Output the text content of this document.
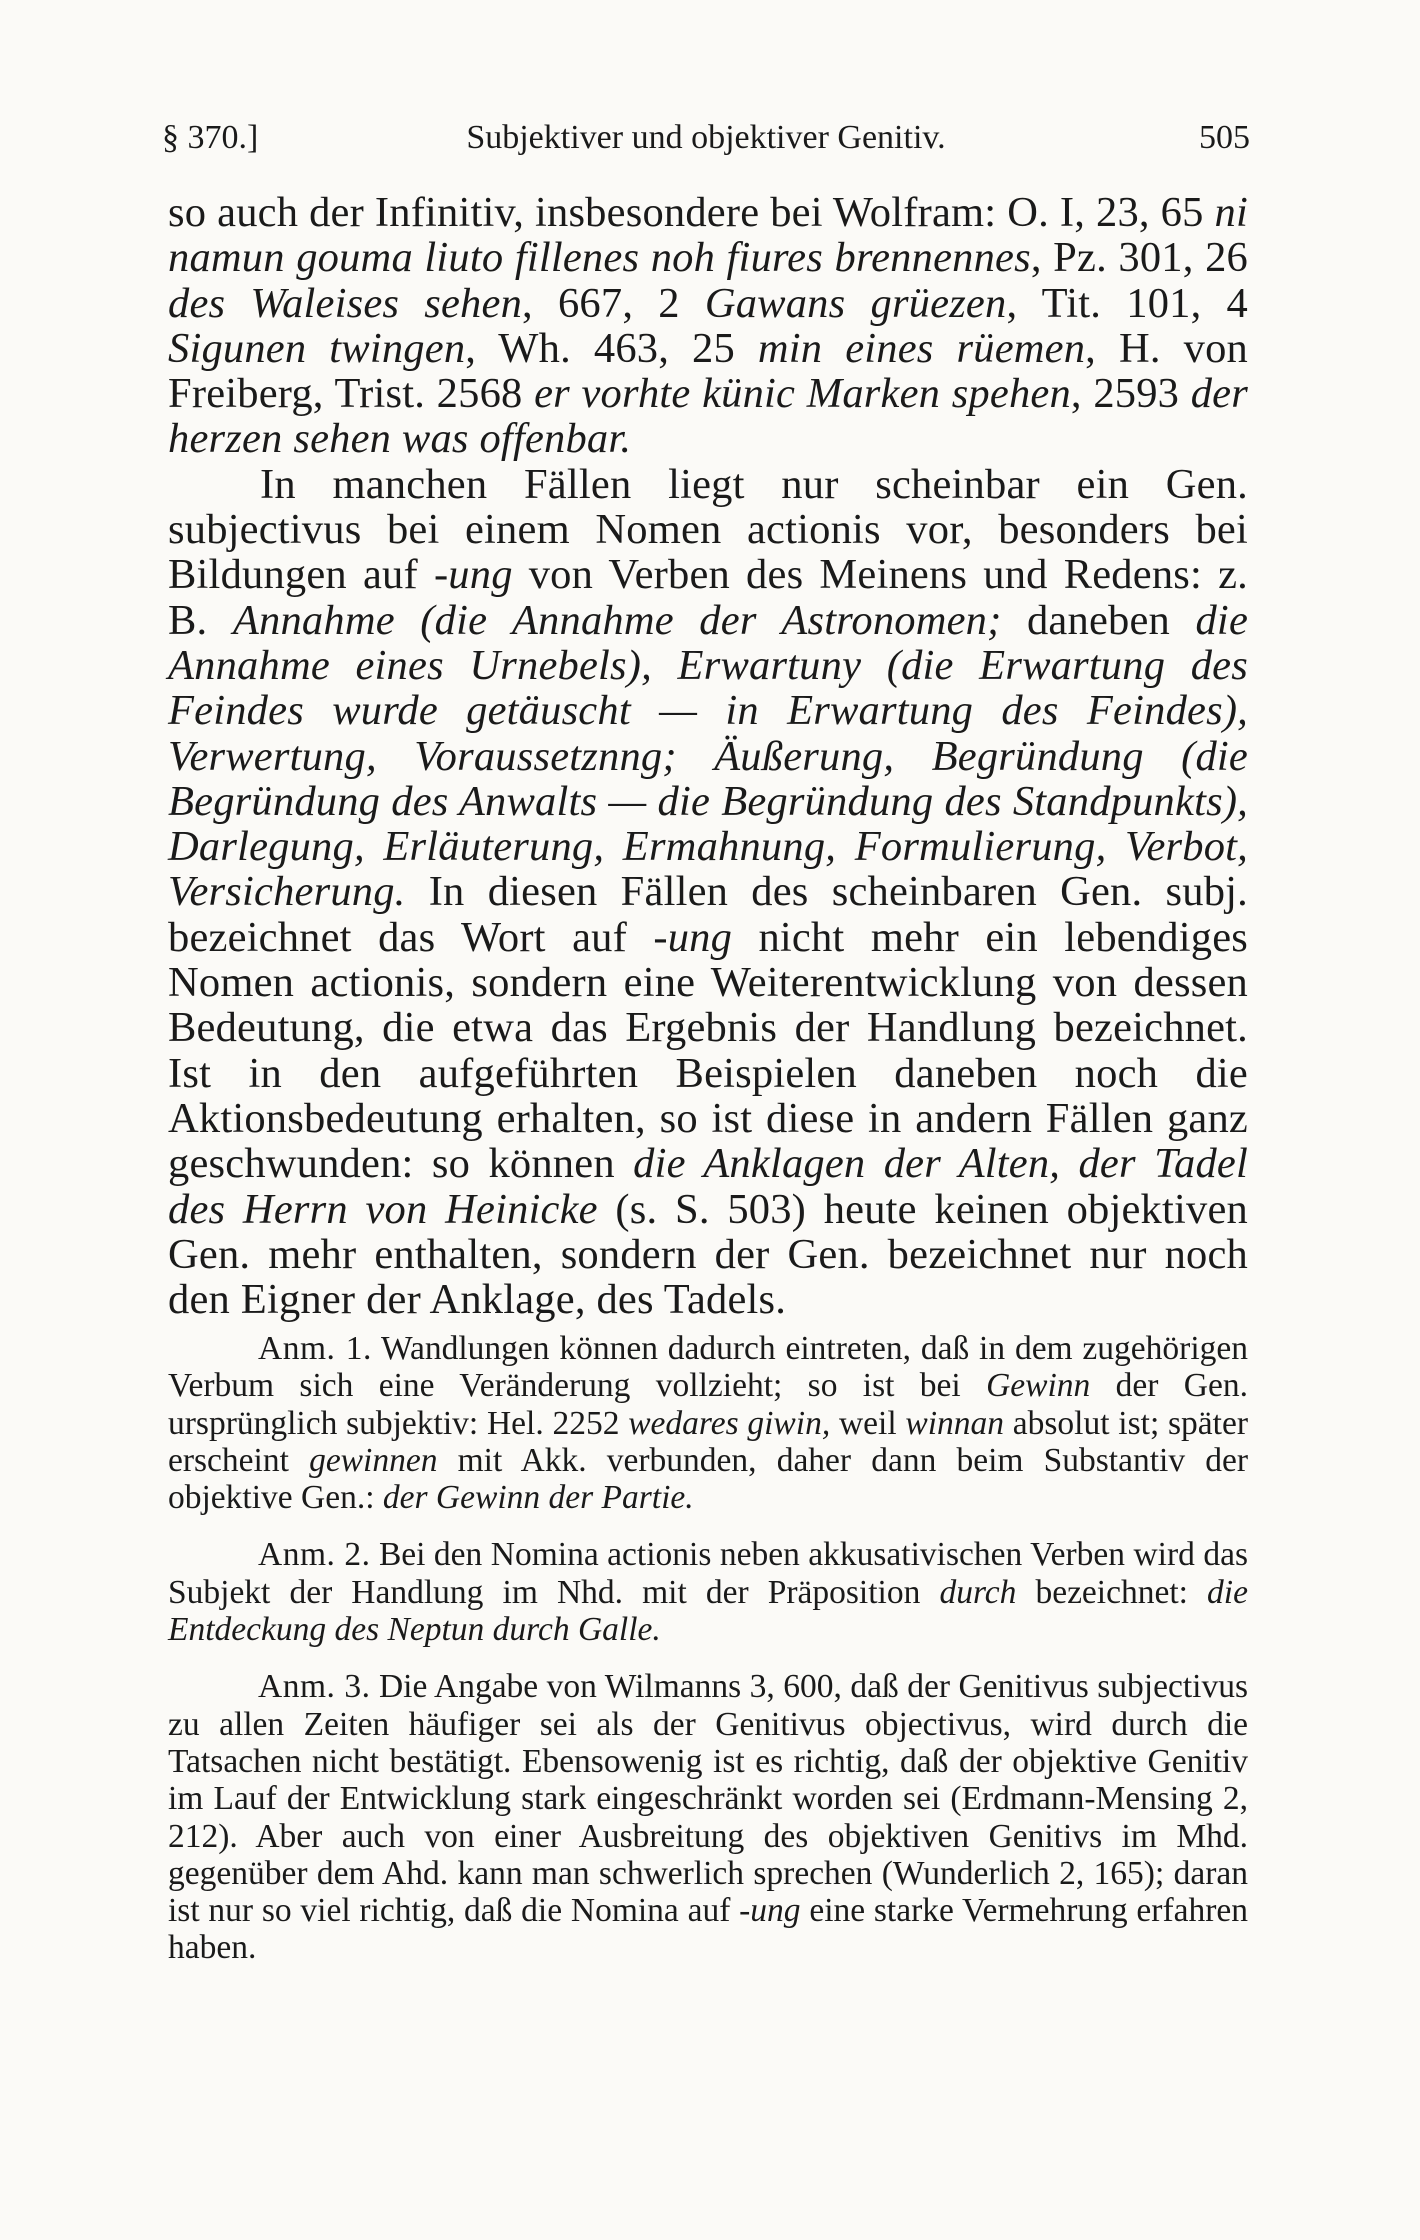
§ 370.]	Subjektiver und objektiver Genitiv.	505

so auch der Infinitiv, insbesondere bei Wolfram: O. I, 23, 65 ni namun gouma liuto fillenes noh fiures brennennes, Pz. 301, 26 des Waleises sehen, 667, 2 Gawans grüezen, Tit. 101, 4 Sigunen twingen, Wh. 463, 25 min eines rüemen, H. von Freiberg, Trist. 2568 er vorhte künic Marken spehen, 2593 der herzen sehen was offenbar.

In manchen Fällen liegt nur scheinbar ein Gen. subjectivus bei einem Nomen actionis vor, besonders bei Bildungen auf -ung von Verben des Meinens und Redens: z. B. Annahme (die Annahme der Astronomen; daneben die Annahme eines Urnebels), Erwartuny (die Erwartung des Feindes wurde getäuscht — in Erwartung des Feindes), Verwertung, Voraussetznng; Äußerung, Begründung (die Begründung des Anwalts — die Begründung des Standpunkts), Darlegung, Erläuterung, Ermahnung, Formulierung, Verbot, Versicherung. In diesen Fällen des scheinbaren Gen. subj. bezeichnet das Wort auf -ung nicht mehr ein lebendiges Nomen actionis, sondern eine Weiterentwicklung von dessen Bedeutung, die etwa das Ergebnis der Handlung bezeichnet. Ist in den aufgeführten Beispielen daneben noch die Aktionsbedeutung erhalten, so ist diese in andern Fällen ganz geschwunden: so können die Anklagen der Alten, der Tadel des Herrn von Heinicke (s. S. 503) heute keinen objektiven Gen. mehr enthalten, sondern der Gen. bezeichnet nur noch den Eigner der Anklage, des Tadels.

Anm. 1. Wandlungen können dadurch eintreten, daß in dem zugehörigen Verbum sich eine Veränderung vollzieht; so ist bei Gewinn der Gen. ursprünglich subjektiv: Hel. 2252 wedares giwin, weil winnan absolut ist; später erscheint gewinnen mit Akk. verbunden, daher dann beim Substantiv der objektive Gen.: der Gewinn der Partie.

Anm. 2. Bei den Nomina actionis neben akkusativischen Verben wird das Subjekt der Handlung im Nhd. mit der Präposition durch bezeichnet: die Entdeckung des Neptun durch Galle.

Anm. 3. Die Angabe von Wilmanns 3, 600, daß der Genitivus subjectivus zu allen Zeiten häufiger sei als der Genitivus objectivus, wird durch die Tatsachen nicht bestätigt. Ebensowenig ist es richtig, daß der objektive Genitiv im Lauf der Entwicklung stark eingeschränkt worden sei (Erdmann-Mensing 2, 212). Aber auch von einer Ausbreitung des objektiven Genitivs im Mhd. gegenüber dem Ahd. kann man schwerlich sprechen (Wunderlich 2, 165); daran ist nur so viel richtig, daß die Nomina auf -ung eine starke Vermehrung erfahren haben.
